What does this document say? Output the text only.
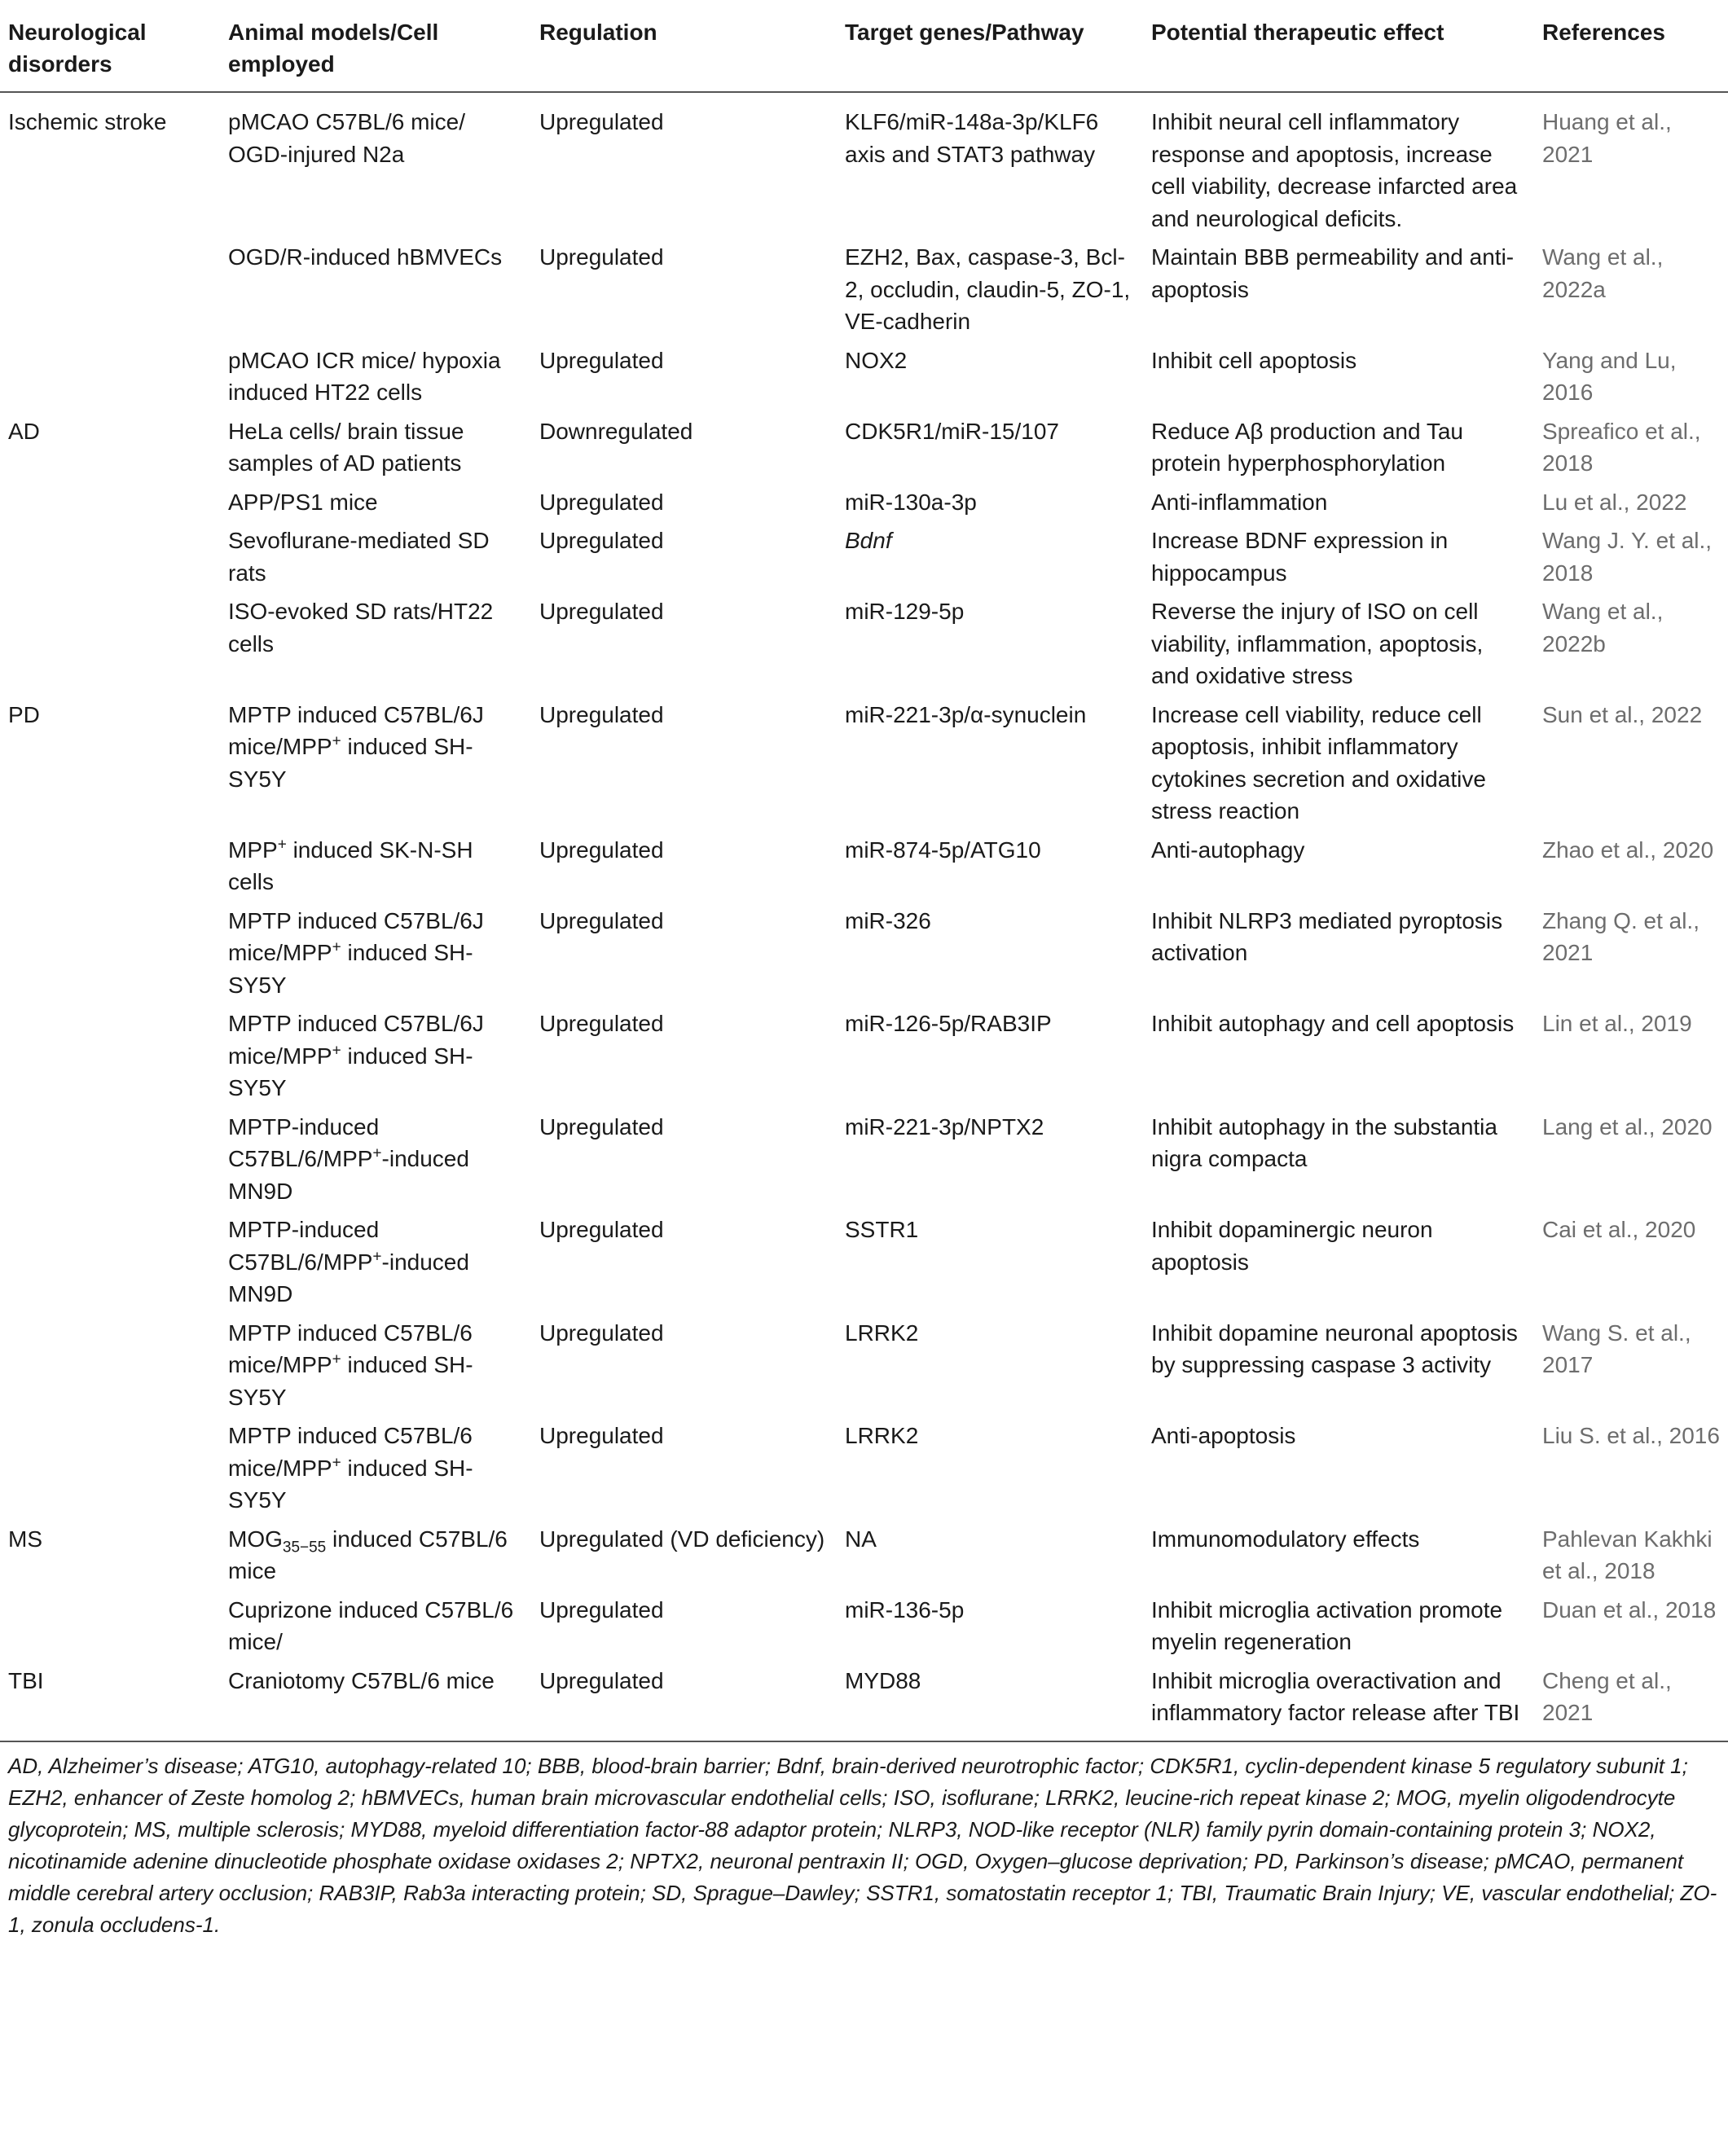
Neurological disorders	Animal models/Cell employed	Regulation	Target genes/Pathway	Potential therapeutic effect	References
Ischemic stroke	pMCAO C57BL/6 mice/ OGD-injured N2a	Upregulated	KLF6/miR-148a-3p/KLF6 axis and STAT3 pathway	Inhibit neural cell inflammatory response and apoptosis, increase cell viability, decrease infarcted area and neurological deficits.	Huang et al., 2021
	OGD/R-induced hBMVECs	Upregulated	EZH2, Bax, caspase-3, Bcl-2, occludin, claudin-5, ZO-1, VE-cadherin	Maintain BBB permeability and anti-apoptosis	Wang et al., 2022a
	pMCAO ICR mice/ hypoxia induced HT22 cells	Upregulated	NOX2	Inhibit cell apoptosis	Yang and Lu, 2016
AD	HeLa cells/ brain tissue samples of AD patients	Downregulated	CDK5R1/miR-15/107	Reduce Aβ production and Tau protein hyperphosphorylation	Spreafico et al., 2018
	APP/PS1 mice	Upregulated	miR-130a-3p	Anti-inflammation	Lu et al., 2022
	Sevoflurane-mediated SD rats	Upregulated	Bdnf	Increase BDNF expression in hippocampus	Wang J. Y. et al., 2018
	ISO-evoked SD rats/HT22 cells	Upregulated	miR-129-5p	Reverse the injury of ISO on cell viability, inflammation, apoptosis, and oxidative stress	Wang et al., 2022b
PD	MPTP induced C57BL/6J mice/MPP+ induced SH-SY5Y	Upregulated	miR-221-3p/α-synuclein	Increase cell viability, reduce cell apoptosis, inhibit inflammatory cytokines secretion and oxidative stress reaction	Sun et al., 2022
	MPP+ induced SK-N-SH cells	Upregulated	miR-874-5p/ATG10	Anti-autophagy	Zhao et al., 2020
	MPTP induced C57BL/6J mice/MPP+ induced SH-SY5Y	Upregulated	miR-326	Inhibit NLRP3 mediated pyroptosis activation	Zhang Q. et al., 2021
	MPTP induced C57BL/6J mice/MPP+ induced SH-SY5Y	Upregulated	miR-126-5p/RAB3IP	Inhibit autophagy and cell apoptosis	Lin et al., 2019
	MPTP-induced C57BL/6/MPP+-induced MN9D	Upregulated	miR-221-3p/NPTX2	Inhibit autophagy in the substantia nigra compacta	Lang et al., 2020
	MPTP-induced C57BL/6/MPP+-induced MN9D	Upregulated	SSTR1	Inhibit dopaminergic neuron apoptosis	Cai et al., 2020
	MPTP induced C57BL/6 mice/MPP+ induced SH-SY5Y	Upregulated	LRRK2	Inhibit dopamine neuronal apoptosis by suppressing caspase 3 activity	Wang S. et al., 2017
	MPTP induced C57BL/6 mice/MPP+ induced SH-SY5Y	Upregulated	LRRK2	Anti-apoptosis	Liu S. et al., 2016
MS	$MOG_{35-55}$ induced C57BL/6 mice	Upregulated (VD deficiency)	NA	Immunomodulatory effects	Pahlevan Kakhki et al., 2018
	Cuprizone induced C57BL/6 mice/	Upregulated	miR-136-5p	Inhibit microglia activation promote myelin regeneration	Duan et al., 2018
TBI	Craniotomy C57BL/6 mice	Upregulated	MYD88	Inhibit microglia overactivation and inflammatory factor release after TBI	Cheng et al., 2021
AD, Alzheimer’s disease; ATG10, autophagy-related 10; BBB, blood-brain barrier; Bdnf, brain-derived neurotrophic factor; CDK5R1, cyclin-dependent kinase 5 regulatory subunit 1; EZH2, enhancer of Zeste homolog 2; hBMVECs, human brain microvascular endothelial cells; ISO, isoflurane; LRRK2, leucine-rich repeat kinase 2; MOG, myelin oligodendrocyte glycoprotein; MS, multiple sclerosis; MYD88, myeloid differentiation factor-88 adaptor protein; NLRP3, NOD-like receptor (NLR) family pyrin domain-containing protein 3; NOX2, nicotinamide adenine dinucleotide phosphate oxidase oxidases 2; NPTX2, neuronal pentraxin II; OGD, Oxygen–glucose deprivation; PD, Parkinson’s disease; pMCAO, permanent middle cerebral artery occlusion; RAB3IP, Rab3a interacting protein; SD, Sprague–Dawley; SSTR1, somatostatin receptor 1; TBI, Traumatic Brain Injury; VE, vascular endothelial; ZO-1, zonula occludens-1.
